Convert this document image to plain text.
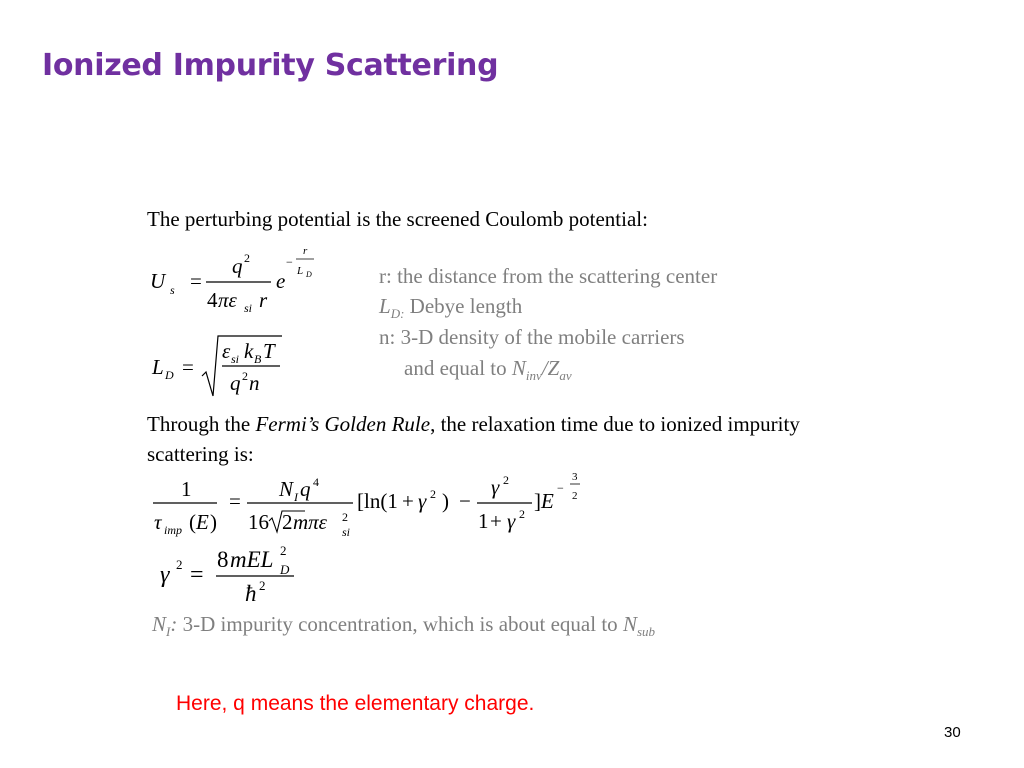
Ionized Impurity Scattering
The perturbing potential is the screened Coulomb potential:
U s =
q 2
4 πε si r
e
−
r
L D
L D =
ε si k B T
q 2 n
r: the distance from the scattering center
$L_{D:}$ Debye length
n: 3-D density of the mobile carriers
and equal to $N_{inv}/Z_{av}$
Through the Fermi’s Golden Rule, the relaxation time due to ionized impurity
scattering is:
1
τ imp ( E )
= N I q 4
16 2 mπε 2
si
[ln(1 + γ 2 ) −
γ 2
1 + γ 2
] E
−
3
2
γ 2 =
8 mEL 2
D
ħ 2
$N_I$: 3-D impurity concentration, which is about equal to $N_{sub}$
Here, q means the elementary charge.
30
